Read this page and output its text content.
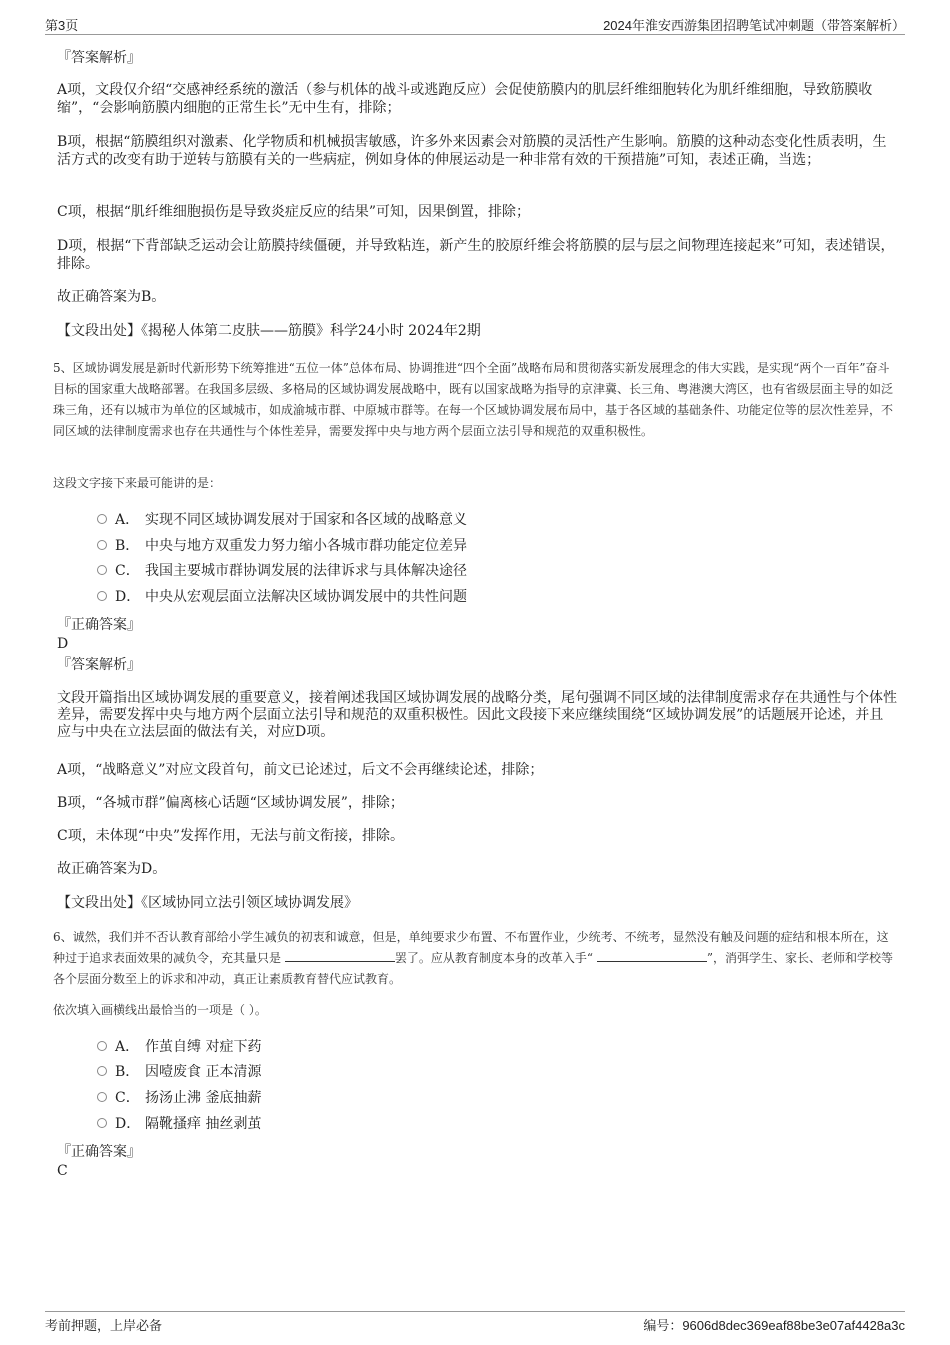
第3页	2024年淮安西游集团招聘笔试冲刺题（带答案解析）
『答案解析』
A项，文段仅介绍“交感神经系统的激活（参与机体的战斗或逃跑反应）会促使筋膜内的肌层纤维细胞转化为肌纤维细胞，导致筋膜收缩”，“会影响筋膜内细胞的正常生长”无中生有，排除；
B项，根据“筋膜组织对激素、化学物质和机械损害敏感，许多外来因素会对筋膜的灵活性产生影响。筋膜的这种动态变化性质表明，生活方式的改变有助于逆转与筋膜有关的一些病症，例如身体的伸展运动是一种非常有效的干预措施”可知，表述正确，当选；
C项，根据“肌纤维细胞损伤是导致炎症反应的结果”可知，因果倒置，排除；
D项，根据“下背部缺乏运动会让筋膜持续僵硬，并导致粘连，新产生的胶原纤维会将筋膜的层与层之间物理连接起来”可知，表述错误，排除。
故正确答案为B。
【文段出处】《揭秘人体第二皮肤——筋膜》科学24小时 2024年2期
5、区域协调发展是新时代新形势下统筹推进“五位一体”总体布局、协调推进“四个全面”战略布局和贯彻落实新发展理念的伟大实践，是实现“两个一百年”奋斗目标的国家重大战略部署。在我国多层级、多格局的区域协调发展战略中，既有以国家战略为指导的京津冀、长三角、粤港澳大湾区，也有省级层面主导的如泛珠三角，还有以城市为单位的区域城市，如成渝城市群、中原城市群等。在每一个区域协调发展布局中，基于各区域的基础条件、功能定位等的层次性差异，不同区域的法律制度需求也存在共通性与个体性差异，需要发挥中央与地方两个层面立法引导和规范的双重积极性。
这段文字接下来最可能讲的是：
A． 实现不同区域协调发展对于国家和各区域的战略意义
B． 中央与地方双重发力努力缩小各城市群功能定位差异
C． 我国主要城市群协调发展的法律诉求与具体解决途径
D． 中央从宏观层面立法解决区域协调发展中的共性问题
『正确答案』
D
『答案解析』
文段开篇指出区域协调发展的重要意义，接着阐述我国区域协调发展的战略分类，尾句强调不同区域的法律制度需求存在共通性与个体性差异，需要发挥中央与地方两个层面立法引导和规范的双重积极性。因此文段接下来应继续围绕“区域协调发展”的话题展开论述，并且应与中央在立法层面的做法有关，对应D项。
A项，“战略意义”对应文段首句，前文已论述过，后文不会再继续论述，排除；
B项，“各城市群”偏离核心话题“区域协调发展”，排除；
C项，未体现“中央”发挥作用，无法与前文衔接，排除。
故正确答案为D。
【文段出处】《区域协同立法引领区域协调发展》
6、诚然，我们并不否认教育部给小学生减负的初衷和诚意，但是，单纯要求少布置、不布置作业，少统考、不统考，显然没有触及问题的症结和根本所在，这种过于追求表面效果的减负令，充其量只是	罢了。应从教育制度本身的改革入手“	”，消弭学生、家长、老师和学校等各个层面分数至上的诉求和冲动，真正让素质教育替代应试教育。
依次填入画横线出最恰当的一项是（ ）。
A． 作茧自缚 对症下药
B． 因噎废食 正本清源
C． 扬汤止沸 釜底抽薪
D． 隔靴搔痒 抽丝剥茧
『正确答案』
C
考前押题，上岸必备	编号：9606d8dec369eaf88be3e07af4428a3c
